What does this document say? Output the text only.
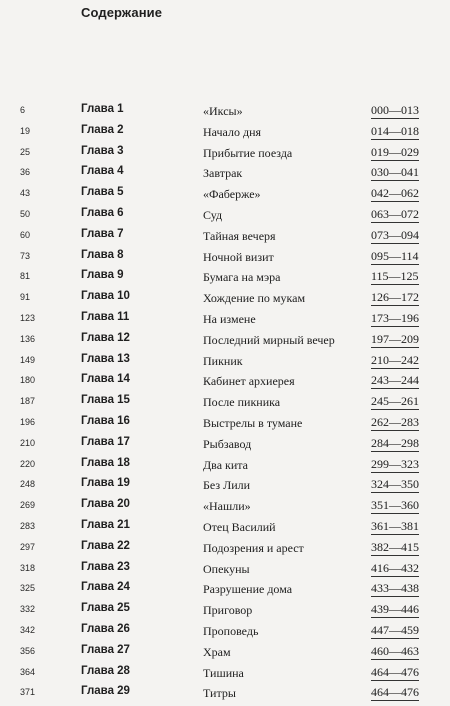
Содержание
6	Глава 1	«Иксы»	000—013
19	Глава 2	Начало дня	014—018
25	Глава 3	Прибытие поезда	019—029
36	Глава 4	Завтрак	030—041
43	Глава 5	«Фаберже»	042—062
50	Глава 6	Суд	063—072
60	Глава 7	Тайная вечеря	073—094
73	Глава 8	Ночной визит	095—114
81	Глава 9	Бумага на мэра	115—125
91	Глава 10	Хождение по мукам	126—172
123	Глава 11	На изменe	173—196
136	Глава 12	Последний мирный вечер	197—209
149	Глава 13	Пикник	210—242
180	Глава 14	Кабинет архиерея	243—244
187	Глава 15	После пикника	245—261
196	Глава 16	Выстрелы в тумане	262—283
210	Глава 17	Рыбзавод	284—298
220	Глава 18	Два кита	299—323
248	Глава 19	Без Лили	324—350
269	Глава 20	«Нашли»	351—360
283	Глава 21	Отец Василий	361—381
297	Глава 22	Подозрения и арест	382—415
318	Глава 23	Опекуны	416—432
325	Глава 24	Разрушение дома	433—438
332	Глава 25	Приговор	439—446
342	Глава 26	Проповедь	447—459
356	Глава 27	Храм	460—463
364	Глава 28	Тишина	464—476
371	Глава 29	Титры	464—476
